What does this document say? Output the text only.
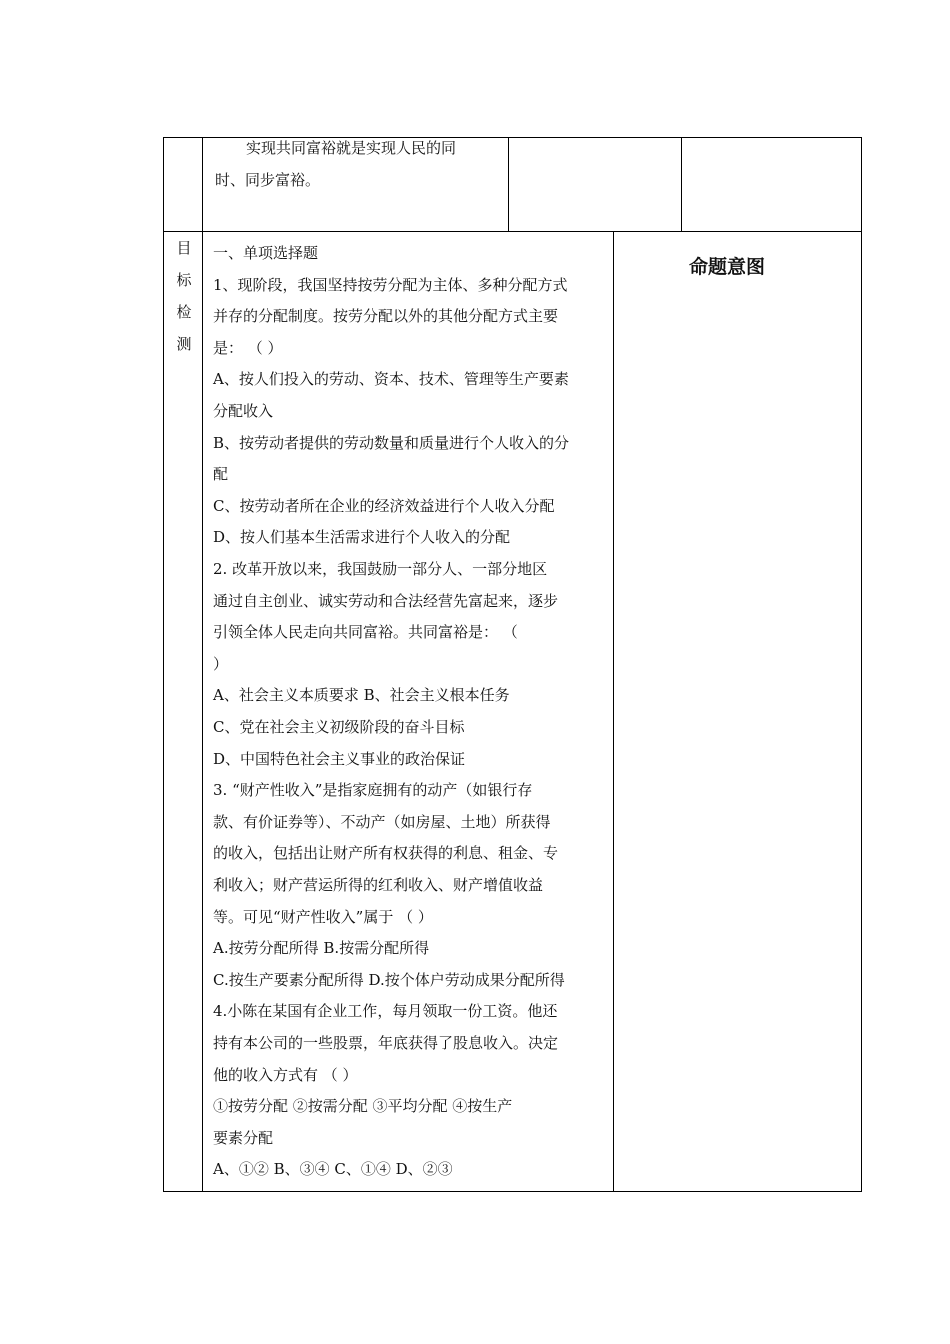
实现共同富裕就是实现人民的同
时、同步富裕。
目
标
检
测
命题意图
一、单项选择题
1、现阶段，我国坚持按劳分配为主体、多种分配方式
并存的分配制度。按劳分配以外的其他分配方式主要
是： （ ）
A、按人们投入的劳动、资本、技术、管理等生产要素
分配收入
B、按劳动者提供的劳动数量和质量进行个人收入的分
配
C、按劳动者所在企业的经济效益进行个人收入分配
D、按人们基本生活需求进行个人收入的分配
2. 改革开放以来，我国鼓励一部分人、一部分地区
通过自主创业、诚实劳动和合法经营先富起来，逐步
引领全体人民走向共同富裕。共同富裕是： （
）
A、社会主义本质要求 B、社会主义根本任务
C、党在社会主义初级阶段的奋斗目标
D、中国特色社会主义事业的政治保证
3. “财产性收入”是指家庭拥有的动产（如银行存
款、有价证券等）、不动产（如房屋、土地）所获得
的收入，包括出让财产所有权获得的利息、租金、专
利收入；财产营运所得的红利收入、财产增值收益
等。可见“财产性收入”属于 （ ）
A.按劳分配所得 B.按需分配所得
C.按生产要素分配所得 D.按个体户劳动成果分配所得
4.小陈在某国有企业工作，每月领取一份工资。他还
持有本公司的一些股票，年底获得了股息收入。决定
他的收入方式有 （ ）
①按劳分配 ②按需分配 ③平均分配 ④按生产
要素分配
A、①② B、③④ C、①④ D、②③
